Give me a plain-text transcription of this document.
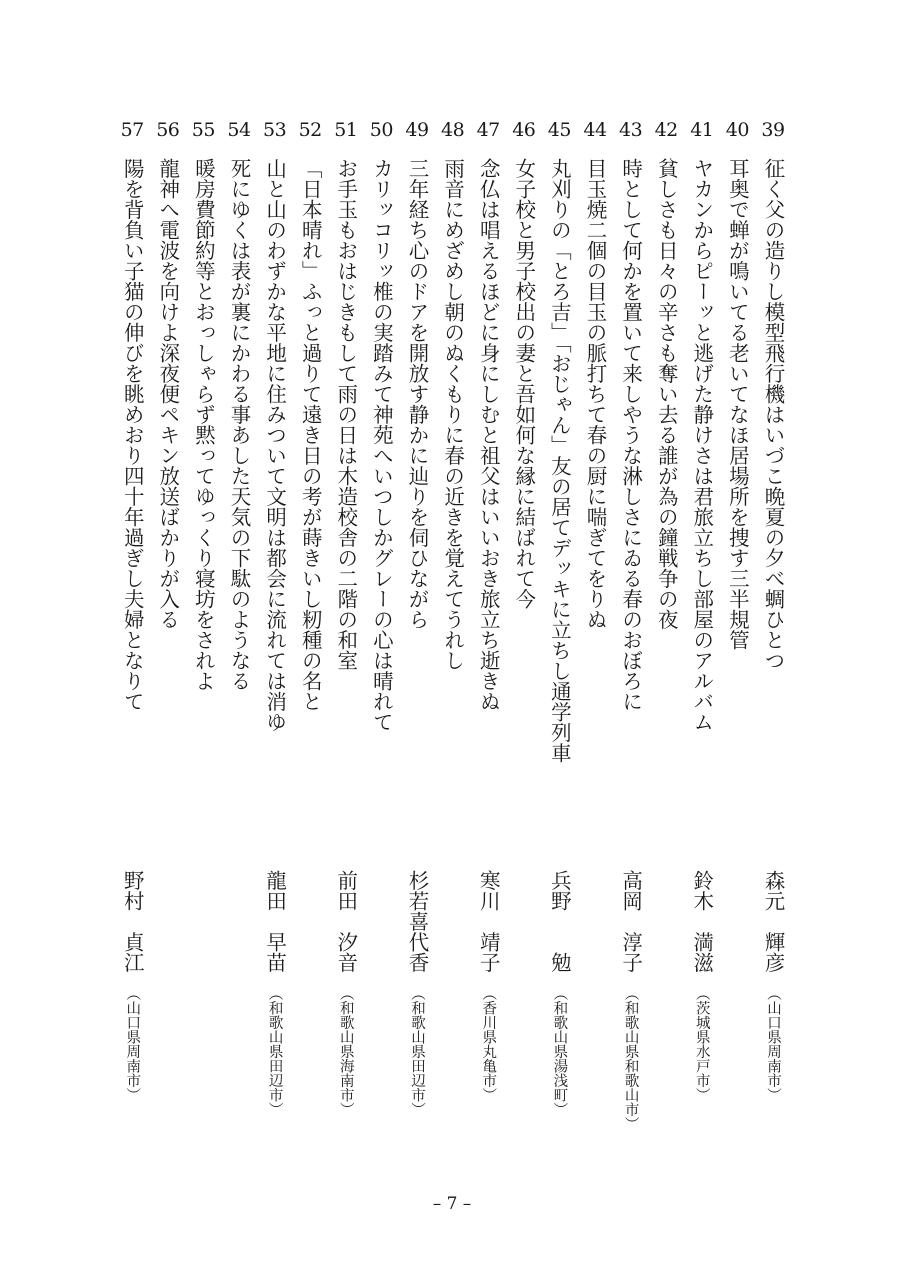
39
征く父の造りし模型飛行機はいづこ晩夏の夕べ蜩ひとつ
森元　輝彦
（山口県周南市）
40
耳奥で蝉が鳴いてる老いてなほ居場所を捜す三半規管
41
ヤカンからピーッと逃げた静けさは君旅立ちし部屋のアルバム
鈴木　満滋
（茨城県水戸市）
42
貧しさも日々の辛さも奪い去る誰が為の鐘戦争の夜
43
時として何かを置いて来しやうな淋しさにゐる春のおぼろに
高岡　淳子
（和歌山県和歌山市）
44
目玉焼二個の目玉の脈打ちて春の厨に喘ぎてをりぬ
45
丸刈りの「とろ吉」「おじゃん」友の居てデッキに立ちし通学列車
兵野　　勉
（和歌山県湯浅町）
46
女子校と男子校出の妻と吾如何な縁に結ばれて今
47
念仏は唱えるほどに身にしむと祖父はいいおき旅立ち逝きぬ
寒川　靖子
（香川県丸亀市）
48
雨音にめざめし朝のぬくもりに春の近きを覚えてうれし
49
三年経ち心のドアを開放す静かに辿りを伺ひながら
杉若喜代香
（和歌山県田辺市）
50
カリッコリッ椎の実踏みて神苑へいつしかグレーの心は晴れて
51
お手玉もおはじきもして雨の日は木造校舎の二階の和室
前田　汐音
（和歌山県海南市）
52
「日本晴れ」ふっと過りて遠き日の考が蒔きいし籾種の名と
53
山と山のわずかな平地に住みついて文明は都会に流れては消ゆ
龍田　早苗
（和歌山県田辺市）
54
死にゆくは表が裏にかわる事あした天気の下駄のようなる
55
暖房費節約等とおっしゃらず黙ってゆっくり寝坊をされよ
56
龍神へ電波を向けよ深夜便ペキン放送ばかりが入る
57
陽を背負い子猫の伸びを眺めおり四十年過ぎし夫婦となりて
野村　貞江
（山口県周南市）
– 7 –
